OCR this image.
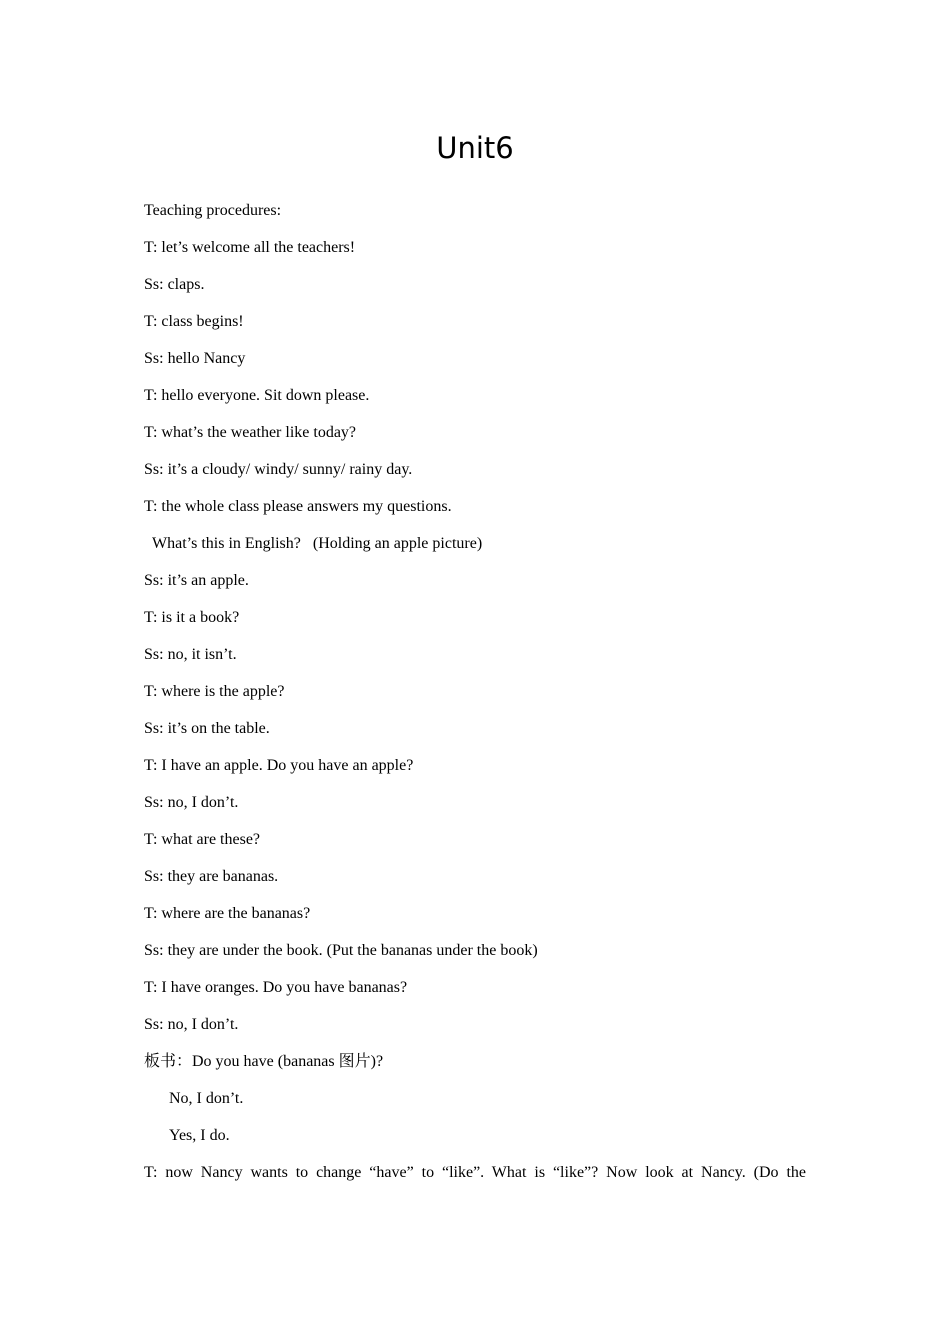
Unit6
Teaching procedures:
T: let’s welcome all the teachers!
Ss: claps.
T: class begins!
Ss: hello Nancy
T: hello everyone. Sit down please.
T: what’s the weather like today?
Ss: it’s a cloudy/ windy/ sunny/ rainy day.
T: the whole class please answers my questions.
What’s this in English?   (Holding an apple picture)
Ss: it’s an apple.
T: is it a book?
Ss: no, it isn’t.
T: where is the apple?
Ss: it’s on the table.
T: I have an apple. Do you have an apple?
Ss: no, I don’t.
T: what are these?
Ss: they are bananas.
T: where are the bananas?
Ss: they are under the book. (Put the bananas under the book)
T: I have oranges. Do you have bananas?
Ss: no, I don’t.
板书：Do you have (bananas 图片)?
No, I don’t.
Yes, I do.
T: now Nancy wants to change “have” to “like”. What is “like”? Now look at Nancy. (Do the
